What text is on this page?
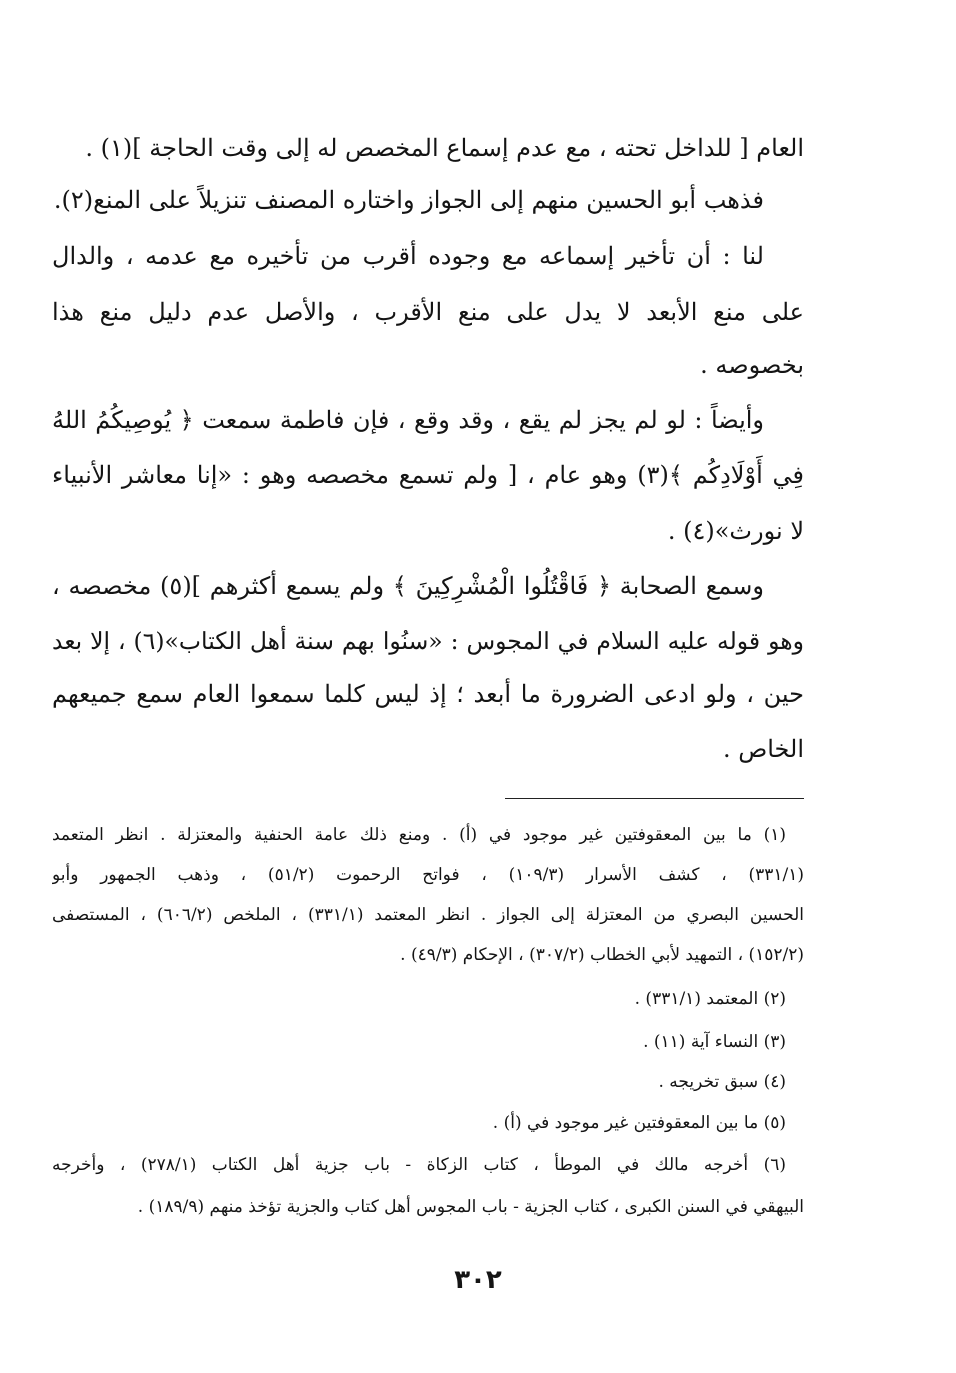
العام [ للداخل تحته ، مع عدم إسماع المخصص له إلى وقت الحاجة ](١) .
فذهب أبو الحسين منهم إلى الجواز واختاره المصنف تنزيلاً على المنع(٢).
لنا : أن تأخير إسماعه مع وجوده أقرب من تأخيره مع عدمه ، والدال
على منع الأبعد لا يدل على منع الأقرب ، والأصل عدم دليل منع هذا
بخصوصه .
وأيضاً : لو لم يجز لم يقع ، وقد وقع ، فإن فاطمة سمعت ﴿ يُوصِيكُمُ اللهُ
فِي أَوْلَادِكُم ﴾(٣) وهو عام ، [ ولم تسمع مخصصه وهو : «إنا معاشر الأنبياء
لا نورث»(٤) .
وسمع الصحابة ﴿ فَاقْتُلُوا الْمُشْرِكِينَ ﴾ ولم يسمع أكثرهم ](٥) مخصصه ،
وهو قوله عليه السلام في المجوس : «سنُوا بهم سنة أهل الكتاب»(٦) ، إلا بعد
حين ، ولو ادعى الضرورة ما أبعد ؛ إذ ليس كلما سمعوا العام سمع جميعهم
الخاص .
(١) ما بين المعقوفتين غير موجود في (أ) . ومنع ذلك عامة الحنفية والمعتزلة . انظر المتعمد
(٣٣١/١) ، كشف الأسرار (١٠٩/٣) ، فواتح الرحموت (٥١/٢) ، وذهب الجمهور وأبو
الحسين البصري من المعتزلة إلى الجواز . انظر المعتمد (٣٣١/١) ، الملخص (٦٠٦/٢) ، المستصفى
(١٥٢/٢) ، التمهيد لأبي الخطاب (٣٠٧/٢) ، الإحكام (٤٩/٣) .
(٢) المعتمد (٣٣١/١) .
(٣) النساء آية (١١) .
(٤) سبق تخريجه .
(٥) ما بين المعقوفتين غير موجود في (أ) .
(٦) أخرجه مالك في الموطأ ، كتاب الزكاة - باب جزية أهل الكتاب (٢٧٨/١) ، وأخرجه
البيهقي في السنن الكبرى ، كتاب الجزية - باب المجوس أهل كتاب والجزية تؤخذ منهم (١٨٩/٩) .
٣٠٢
